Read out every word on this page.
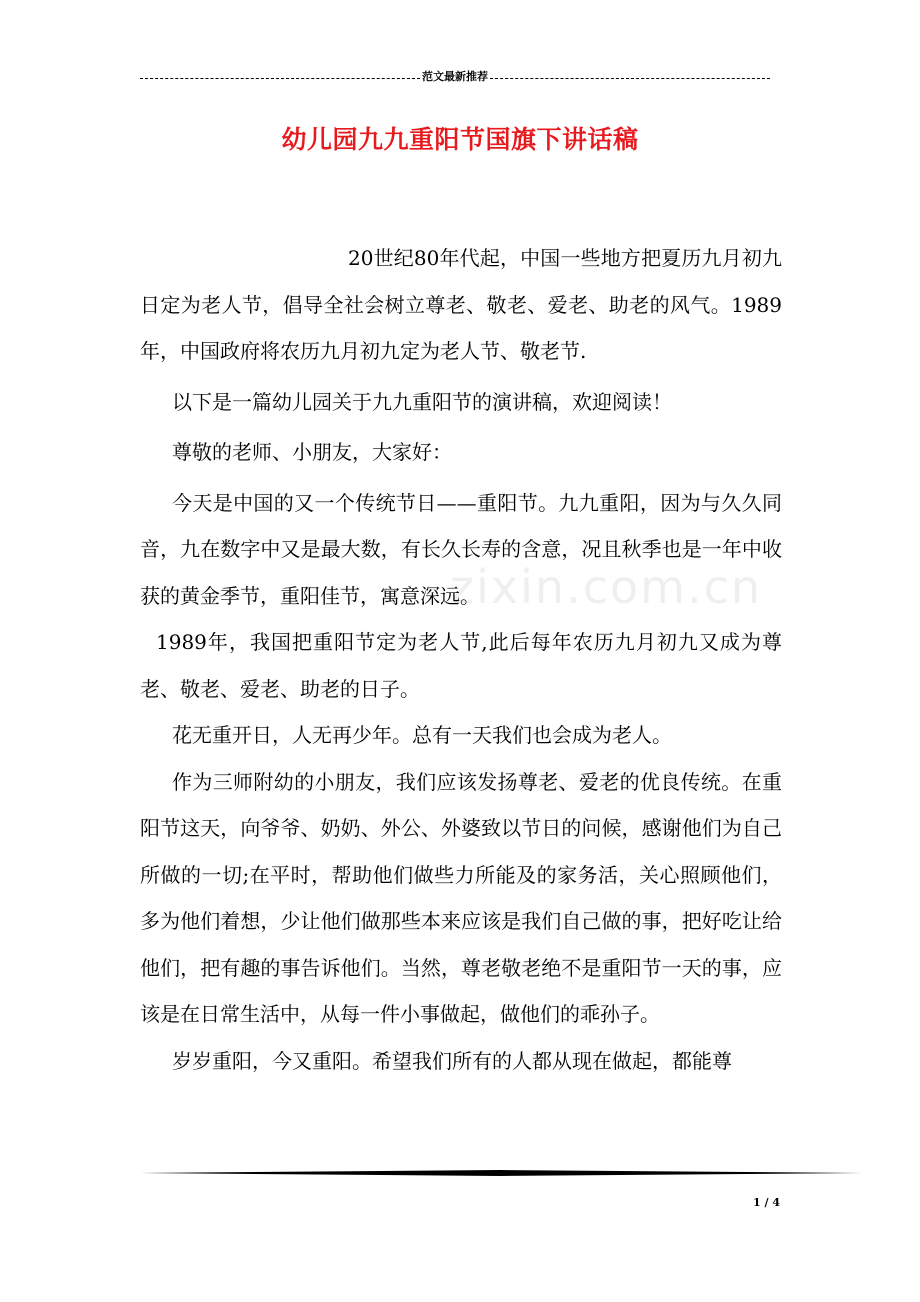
范文最新推荐
幼儿园九九重阳节国旗下讲话稿
zixin.com.cn

20世纪80年代起，中国一些地方把夏历九月初九日定为老人节，倡导全社会树立尊老、敬老、爱老、助老的风气。1989年，中国政府将农历九月初九定为老人节、敬老节.

以下是一篇幼儿园关于九九重阳节的演讲稿，欢迎阅读！

尊敬的老师、小朋友，大家好：

今天是中国的又一个传统节日——重阳节。九九重阳，因为与久久同音，九在数字中又是最大数，有长久长寿的含意，况且秋季也是一年中收获的黄金季节，重阳佳节，寓意深远。

1989年，我国把重阳节定为老人节,此后每年农历九月初九又成为尊老、敬老、爱老、助老的日子。

花无重开日，人无再少年。总有一天我们也会成为老人。

作为三师附幼的小朋友，我们应该发扬尊老、爱老的优良传统。在重阳节这天，向爷爷、奶奶、外公、外婆致以节日的问候，感谢他们为自己所做的一切;在平时，帮助他们做些力所能及的家务活，关心照顾他们，多为他们着想，少让他们做那些本来应该是我们自己做的事，把好吃让给他们，把有趣的事告诉他们。当然，尊老敬老绝不是重阳节一天的事，应该是在日常生活中，从每一件小事做起，做他们的乖孙子。

岁岁重阳，今又重阳。希望我们所有的人都从现在做起，都能尊

1 / 4
